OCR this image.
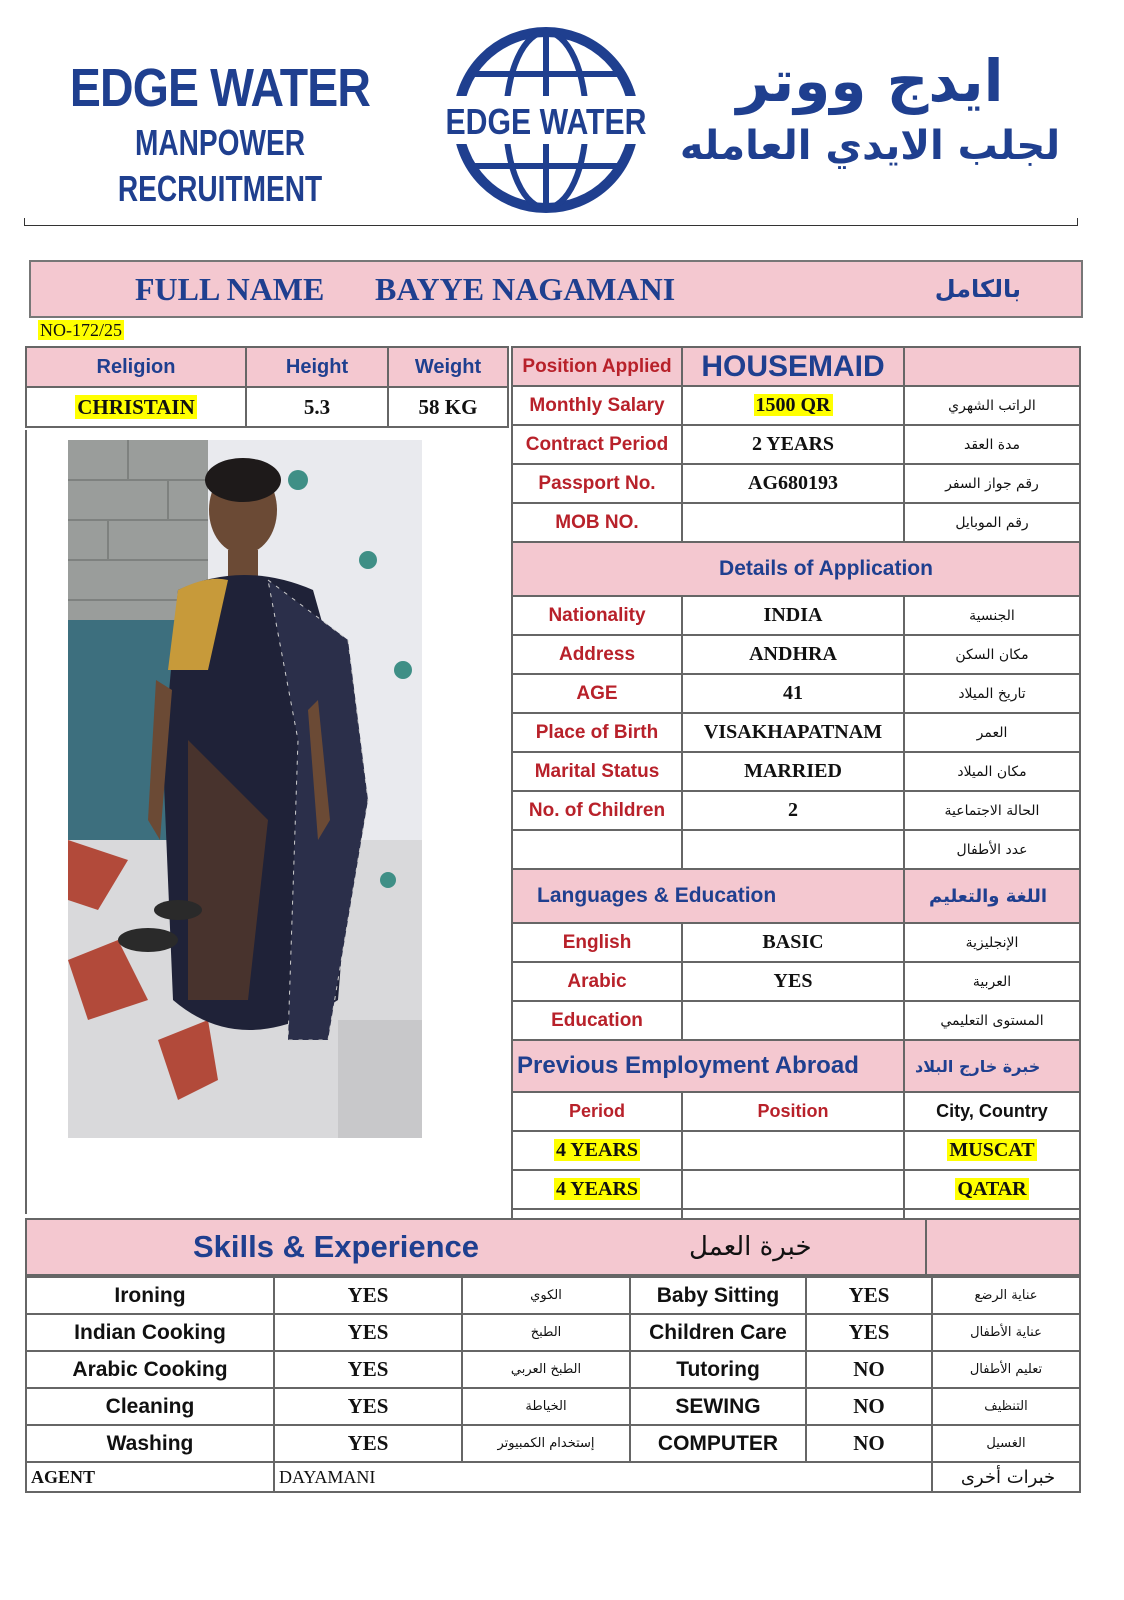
EDGE WATER
MANPOWER RECRUITMENT
EDGE WATER
ايدج ووتر
لجلب الايدي العامله
FULL NAME	BAYYE NAGAMANI	بالكامل
NO-172/25
Religion	Height	Weight
CHRISTAIN	5.3	58 KG
Position Applied	HOUSEMAID	
Monthly Salary	1500 QR	الراتب الشهري
Contract Period	2 YEARS	مدة العقد
Passport No.	AG680193	رقم جواز السفر
MOB NO.		رقم الموبايل
Details of Application		
Nationality	INDIA	الجنسية
Address	ANDHRA	مكان السكن
AGE	41	تاريخ الميلاد
Place of Birth	VISAKHAPATNAM	العمر
Marital Status	MARRIED	مكان الميلاد
No. of Children	2	الحالة الاجتماعية
		عدد الأطفال
Languages & Education		اللغة والتعليم
English	BASIC	الإنجليزية
Arabic	YES	العربية
Education		المستوى التعليمي
Previous Employment Abroad		خبرة خارج البلاد
Period	Position	City, Country
4 YEARS		MUSCAT
4 YEARS		QATAR

Skills & Experience	خبرة العمل
Ironing	YES	الكوي	Baby Sitting	YES	عناية الرضع
Indian Cooking	YES	الطبخ	Children Care	YES	عناية الأطفال
Arabic Cooking	YES	الطبخ العربي	Tutoring	NO	تعليم الأطفال
Cleaning	YES	الخياطة	SEWING	NO	التنظيف
Washing	YES	إستخدام الكمبيوتر	COMPUTER	NO	الغسيل
AGENT	DAYAMANI				خبرات أخرى
